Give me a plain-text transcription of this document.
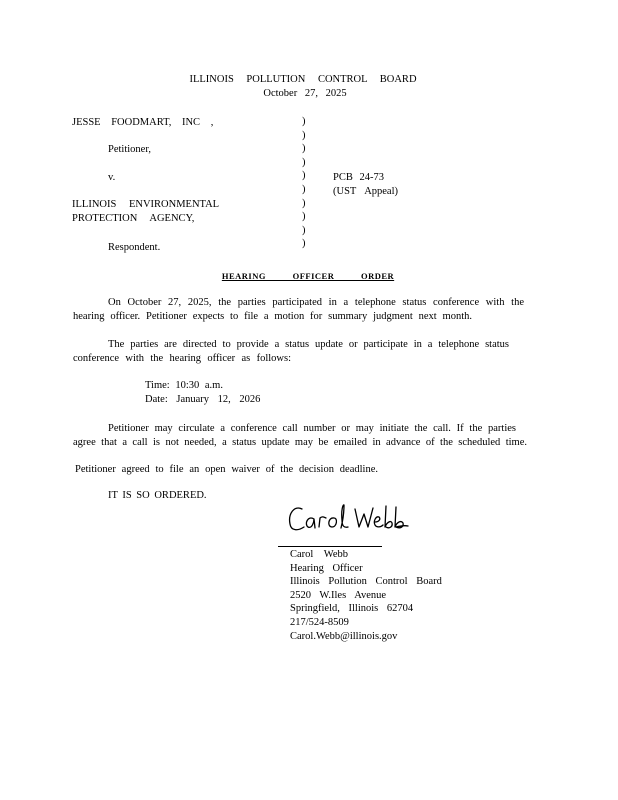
ILLINOIS POLLUTION CONTROL BOARD
October 27, 2025
JESSE FOODMART, INC ,
Petitioner,
v.
ILLINOIS ENVIRONMENTAL
PROTECTION AGENCY,
Respondent.
)
)
)
)
)
)
)
)
)
)
PCB 24-73
(UST Appeal)
HEARING OFFICER ORDER
On October 27, 2025, the parties participated in a telephone status conference with the
hearing officer. Petitioner expects to file a motion for summary judgment next month.
The parties are directed to provide a status update or participate in a telephone status
conference with the hearing officer as follows:
Time: 10:30 a.m.
Date: January 12, 2026
Petitioner may circulate a conference call number or may initiate the call. If the parties
agree that a call is not needed, a status update may be emailed in advance of the scheduled time.
Petitioner agreed to file an open waiver of the decision deadline.
IT IS SO ORDERED.
Carol Webb
Hearing Officer
Illinois Pollution Control Board
2520 W.Iles Avenue
Springfield, Illinois 62704
217/524-8509
Carol.Webb@illinois.gov
